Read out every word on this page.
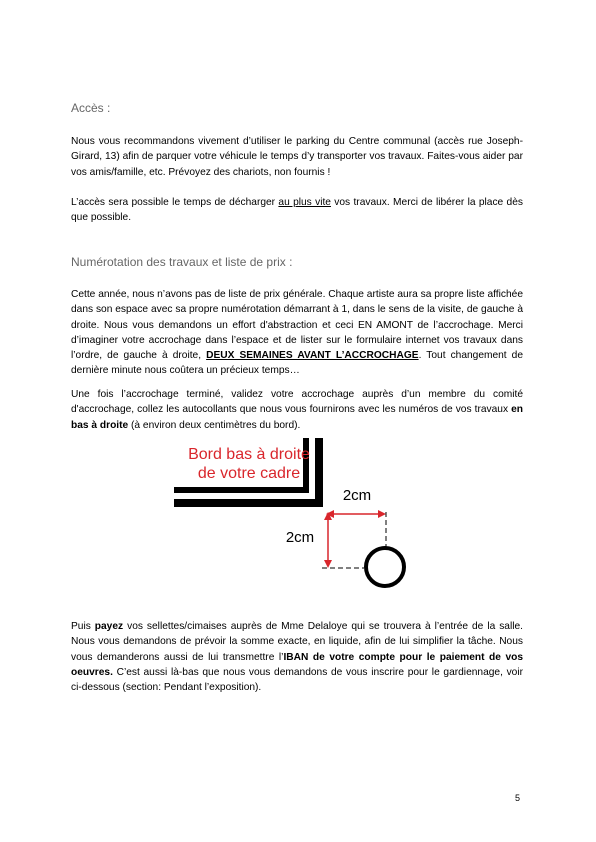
Accès :

Nous vous recommandons vivement d’utiliser le parking du Centre communal (accès rue Joseph-Girard, 13) afin de parquer votre véhicule le temps d’y transporter vos travaux. Faites-vous aider par vos amis/famille, etc. Prévoyez des chariots, non fournis !

L’accès sera possible le temps de décharger au plus vite vos travaux. Merci de libérer la place dès que possible.

Numérotation des travaux et liste de prix :

Cette année, nous n’avons pas de liste de prix générale. Chaque artiste aura sa propre liste affichée dans son espace avec sa propre numérotation démarrant à 1, dans le sens de la visite, de gauche à droite. Nous vous demandons un effort d'abstraction et ceci EN AMONT de l’accrochage. Merci d’imaginer votre accrochage dans l’espace et de lister sur le formulaire internet vos travaux dans l’ordre, de gauche à droite, DEUX SEMAINES AVANT L’ACCROCHAGE. Tout changement de dernière minute nous coûtera un précieux temps…

Une fois l’accrochage terminé, validez votre accrochage auprès d’un membre du comité d'accrochage, collez les autocollants que nous vous fournirons avec les numéros de vos travaux en bas à droite (à environ deux centimètres du bord).

Bord bas à droite
de votre cadre
2cm
2cm

Puis payez vos sellettes/cimaises auprès de Mme Delaloye qui se trouvera à l’entrée de la salle. Nous vous demandons de prévoir la somme exacte, en liquide, afin de lui simplifier la tâche. Nous vous demanderons aussi de lui transmettre l’IBAN de votre compte pour le paiement de vos oeuvres. C’est aussi là-bas que nous vous demandons de vous inscrire pour le gardiennage, voir ci-dessous (section: Pendant l’exposition).

5
